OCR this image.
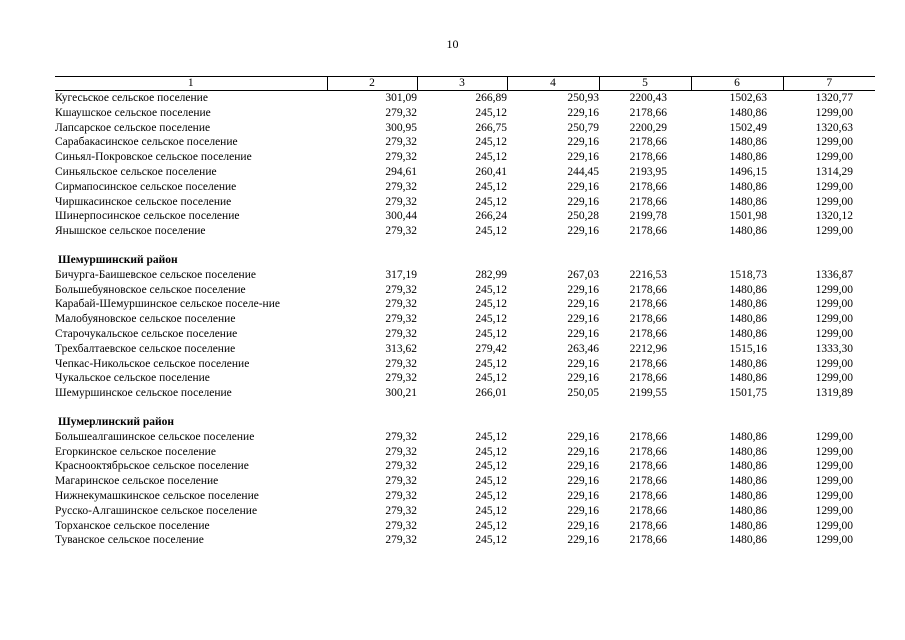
10
1	2	3	4	5	6	7
Кугесьское сельское поселение	301,09	266,89	250,93	2200,43	1502,63	1320,77
Кшаушское сельское поселение	279,32	245,12	229,16	2178,66	1480,86	1299,00
Лапсарское сельское поселение	300,95	266,75	250,79	2200,29	1502,49	1320,63
Сарабакасинское сельское поселение	279,32	245,12	229,16	2178,66	1480,86	1299,00
Синьял-Покровское сельское поселение	279,32	245,12	229,16	2178,66	1480,86	1299,00
Синьяльское сельское поселение	294,61	260,41	244,45	2193,95	1496,15	1314,29
Сирмапосинское сельское поселение	279,32	245,12	229,16	2178,66	1480,86	1299,00
Чиршкасинское сельское поселение	279,32	245,12	229,16	2178,66	1480,86	1299,00
Шинерпосинское сельское поселение	300,44	266,24	250,28	2199,78	1501,98	1320,12
Янышское сельское поселение	279,32	245,12	229,16	2178,66	1480,86	1299,00

Шемуршинский район						
Бичурга-Баишевское сельское поселение	317,19	282,99	267,03	2216,53	1518,73	1336,87
Большебуяновское сельское поселение	279,32	245,12	229,16	2178,66	1480,86	1299,00
Карабай-Шемуршинское сельское поселе-ние	279,32	245,12	229,16	2178,66	1480,86	1299,00
Малобуяновское сельское поселение	279,32	245,12	229,16	2178,66	1480,86	1299,00
Старочукальское сельское поселение	279,32	245,12	229,16	2178,66	1480,86	1299,00
Трехбалтаевское сельское поселение	313,62	279,42	263,46	2212,96	1515,16	1333,30
Чепкас-Никольское сельское поселение	279,32	245,12	229,16	2178,66	1480,86	1299,00
Чукальское сельское поселение	279,32	245,12	229,16	2178,66	1480,86	1299,00
Шемуршинское сельское поселение	300,21	266,01	250,05	2199,55	1501,75	1319,89

Шумерлинский район						
Большеалгашинское сельское поселение	279,32	245,12	229,16	2178,66	1480,86	1299,00
Егоркинское сельское поселение	279,32	245,12	229,16	2178,66	1480,86	1299,00
Краснооктябрьское сельское поселение	279,32	245,12	229,16	2178,66	1480,86	1299,00
Магаринское сельское поселение	279,32	245,12	229,16	2178,66	1480,86	1299,00
Нижнекумашкинское сельское поселение	279,32	245,12	229,16	2178,66	1480,86	1299,00
Русско-Алгашинское сельское поселение	279,32	245,12	229,16	2178,66	1480,86	1299,00
Торханское сельское поселение	279,32	245,12	229,16	2178,66	1480,86	1299,00
Туванское сельское поселение	279,32	245,12	229,16	2178,66	1480,86	1299,00
